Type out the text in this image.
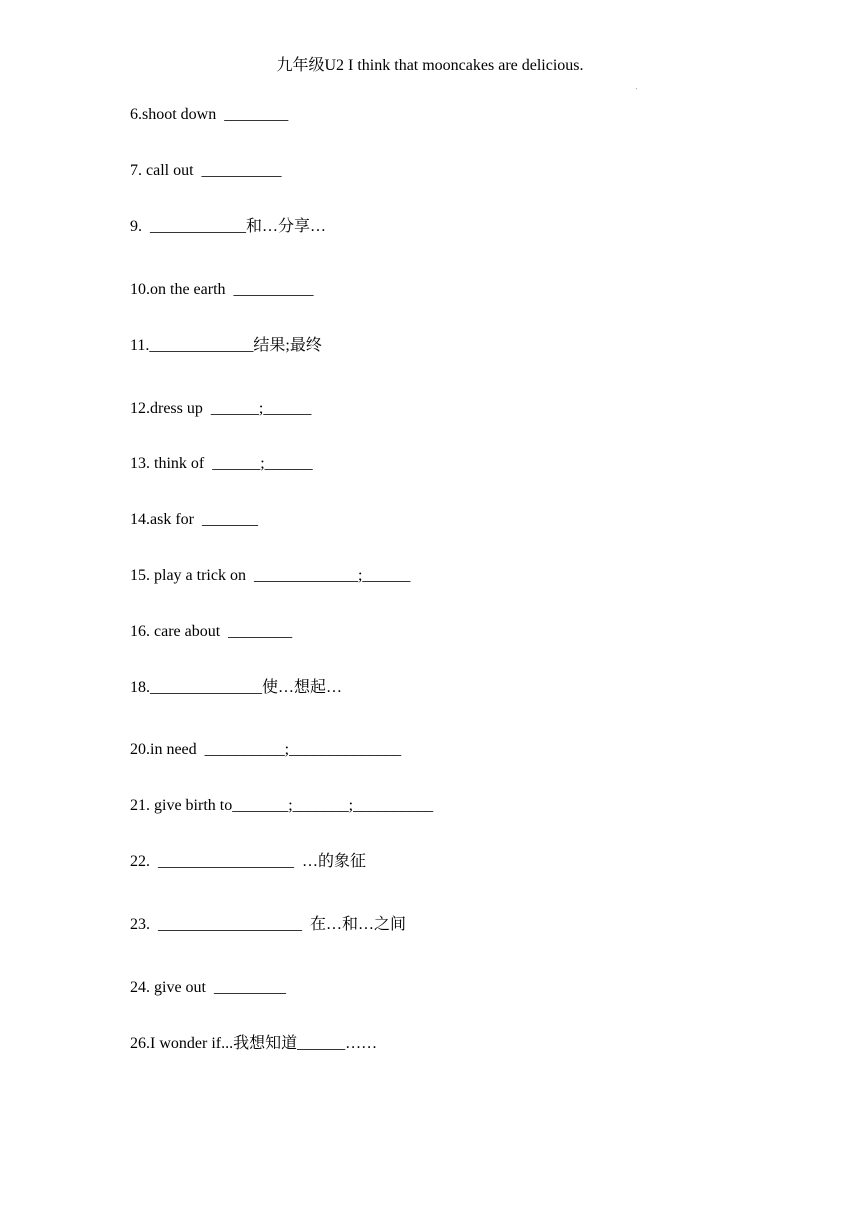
九年级U2 I think that mooncakes are delicious.
'
6.shoot down  ________
7. call out  __________
9.  ____________和…分享…
10.on the earth  __________
11._____________结果;最终
12.dress up  ______;______
13. think of  ______;______
14.ask for  _______
15. play a trick on  _____________;______
16. care about  ________
18.______________使…想起…
20.in need  __________;______________
21. give birth to_______;_______;__________
22.  _________________  …的象征
23.  __________________  在…和…之间
24. give out  _________
26.I wonder if...我想知道______……
